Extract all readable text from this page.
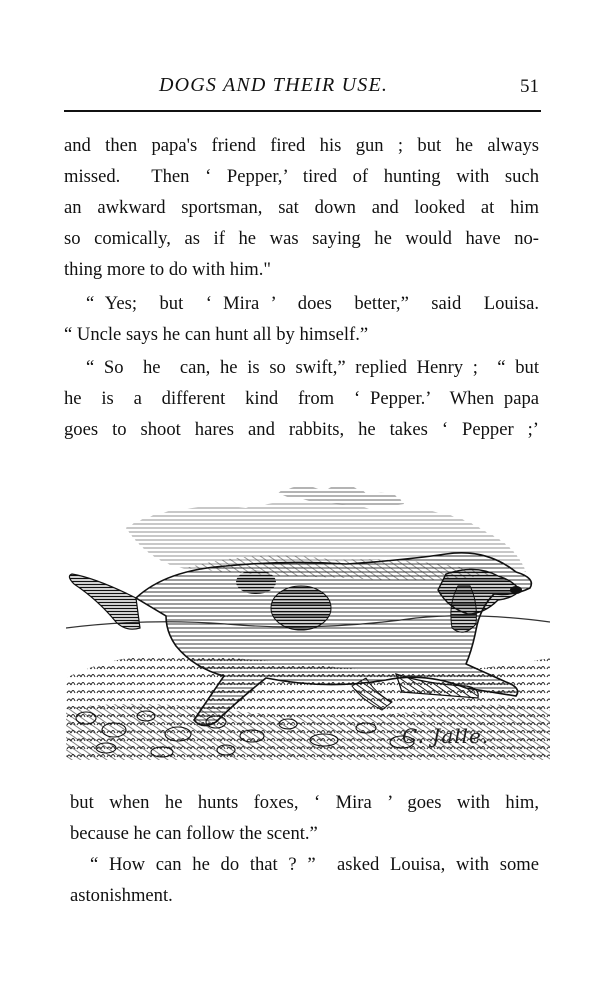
DOGS AND THEIR USE.	51

and then papa's friend fired his gun ; but he always

missed.  Then ‘ Pepper,’ tired of hunting with such

an awkward sportsman, sat down and looked at him

so comically, as if he was saying he would have no-

thing more to do with him."

“ Yes;  but  ‘ Mira ’  does  better,”  said  Louisa.

“ Uncle says he can hunt all by himself.”

“ So  he  can, he is so swift,” replied Henry ;  “ but

he  is  a  different  kind  from  ‘ Pepper.’  When papa

goes to shoot hares and rabbits, he takes ‘ Pepper ;’

C. Jalle.

but when he hunts foxes, ‘ Mira ’ goes with him,

because he can follow the scent.”

“ How can he do that ? ”  asked Louisa, with some

astonishment.
